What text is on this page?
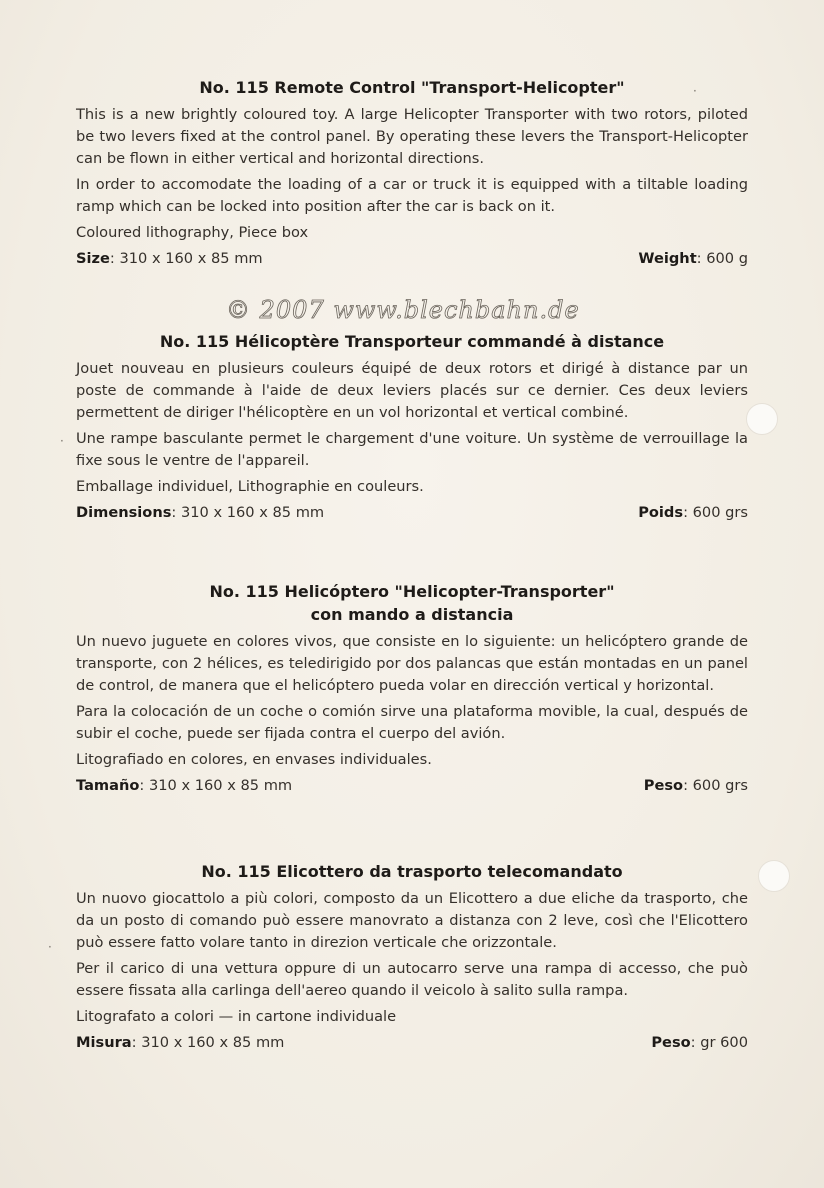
·
·
·
No. 115 Remote Control "Transport-Helicopter"

This is a new brightly coloured toy. A large Helicopter Transporter with two rotors, piloted be two levers fixed at the control panel. By operating these levers the Transport-Helicopter can be flown in either vertical and horizontal directions.

In order to accomodate the loading of a car or truck it is equipped with a tiltable loading ramp which can be locked into position after the car is back on it.

Coloured lithography, Piece box

Size: 310 x 160 x 85 mm	Weight: 600 g
© 2007 www.blechbahn.de
No. 115 Hélicoptère Transporteur commandé à distance

Jouet nouveau en plusieurs couleurs équipé de deux rotors et dirigé à distance par un poste de commande à l'aide de deux leviers placés sur ce dernier. Ces deux leviers permettent de diriger l'hélicoptère en un vol horizontal et vertical combiné.

Une rampe basculante permet le chargement d'une voiture. Un système de verrouillage la fixe sous le ventre de l'appareil.

Emballage individuel, Lithographie en couleurs.

Dimensions: 310 x 160 x 85 mm	Poids: 600 grs
No. 115 Helicóptero "Helicopter-Transporter"
con mando a distancia

Un nuevo juguete en colores vivos, que consiste en lo siguiente: un helicóptero grande de transporte, con 2 hélices, es teledirigido por dos palancas que están montadas en un panel de control, de manera que el helicóptero pueda volar en dirección vertical y horizontal.

Para la colocación de un coche o comión sirve una plataforma movible, la cual, después de subir el coche, puede ser fijada contra el cuerpo del avión.

Litografiado en colores, en envases individuales.

Tamaño: 310 x 160 x 85 mm	Peso: 600 grs
No. 115 Elicottero da trasporto telecomandato

Un nuovo giocattolo a più colori, composto da un Elicottero a due eliche da trasporto, che da un posto di comando può essere manovrato a distanza con 2 leve, così che l'Elicottero può essere fatto volare tanto in direzion verticale che orizzontale.

Per il carico di una vettura oppure di un autocarro serve una rampa di accesso, che può essere fissata alla carlinga dell'aereo quando il veicolo à salito sulla rampa.

Litografato a colori — in cartone individuale

Misura: 310 x 160 x 85 mm	Peso: gr 600
